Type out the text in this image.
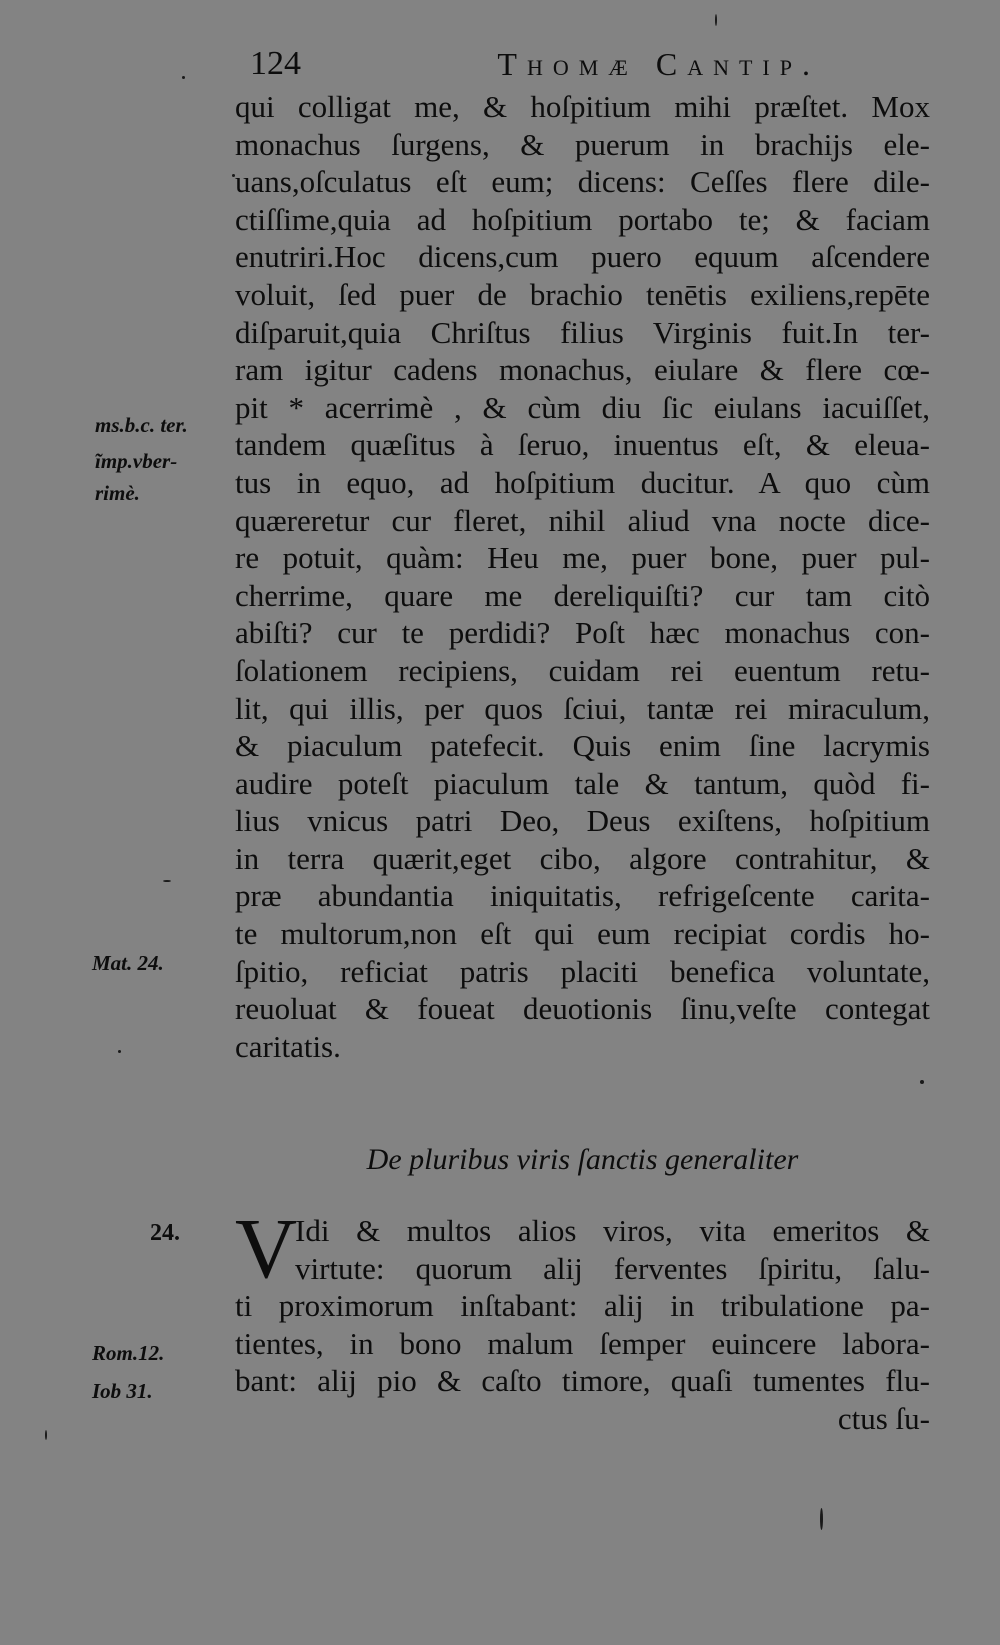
124	Thomæ Cantip.
qui colligat me, & hoſpitium mihi præſtet. Mox
monachus ſurgens, & puerum in brachijs ele-
uans,oſculatus eſt eum; dicens: Ceſſes flere dile-
ctiſſime,quia ad hoſpitium portabo te; & faciam
enutriri.Hoc dicens,cum puero equum aſcendere
voluit, ſed puer de brachio tenētis exiliens,repēte
diſparuit,quia Chriſtus filius Virginis fuit.In ter-
ram igitur cadens monachus, eiulare & flere cœ-
pit * acerrimè , & cùm diu ſic eiulans iacuiſſet,
tandem quæſitus à ſeruo, inuentus eſt, & eleua-
tus in equo, ad hoſpitium ducitur. A quo cùm
quæreretur cur fleret, nihil aliud vna nocte dice-
re potuit, quàm: Heu me, puer bone, puer pul-
cherrime, quare me dereliquiſti? cur tam citò
abiſti? cur te perdidi? Poſt hæc monachus con-
ſolationem recipiens, cuidam rei euentum retu-
lit, qui illis, per quos ſciui, tantæ rei miraculum,
& piaculum patefecit. Quis enim ſine lacrymis
audire poteſt piaculum tale & tantum, quòd fi-
lius vnicus patri Deo, Deus exiſtens, hoſpitium
in terra quærit,eget cibo, algore contrahitur, &
præ abundantia iniquitatis, refrigeſcente carita-
te multorum,non eſt qui eum recipiat cordis ho-
ſpitio, reficiat patris placiti benefica voluntate,
reuoluat & foueat deuotionis ſinu,veſte contegat
caritatis.
ms.b.c. ter.
ĩmp.vber-
rimè.
Mat. 24.
Rom.12.
Iob 31.
De pluribus viris ſanctis generaliter
24. V
Idi & multos alios viros, vita emeritos &
virtute: quorum alij ferventes ſpiritu, ſalu-
ti proximorum inſtabant: alij in tribulatione pa-
tientes, in bono malum ſemper euincere labora-
bant: alij pio & caſto timore, quaſi tumentes flu-
ctus ſu-
